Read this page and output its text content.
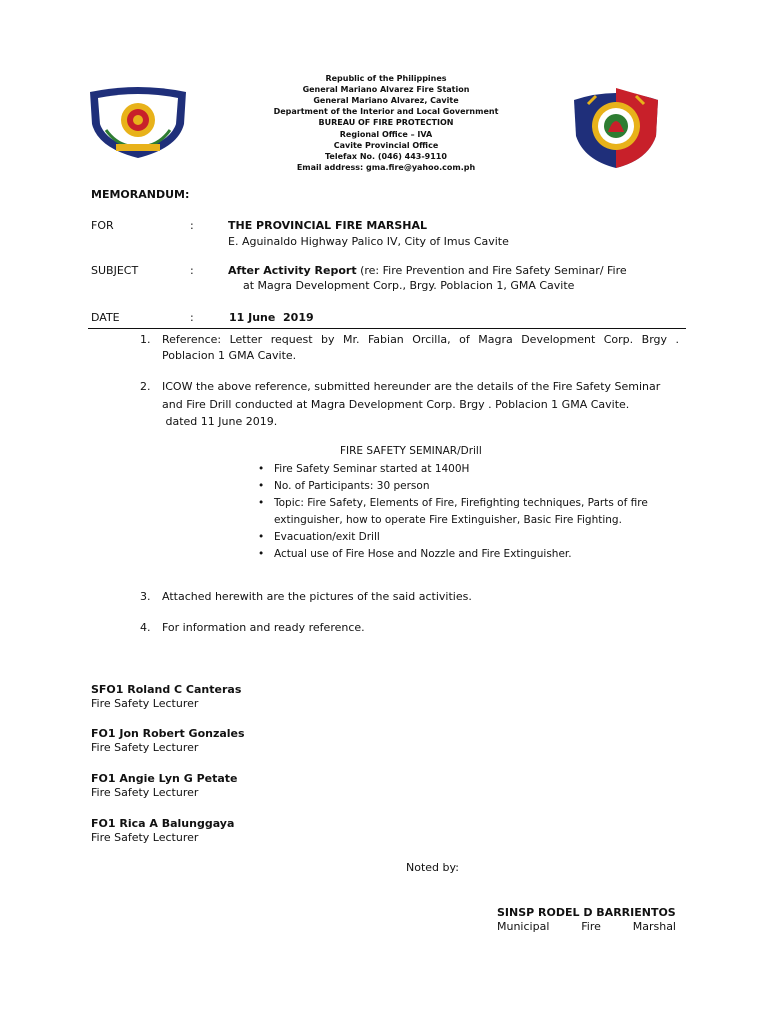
Republic of the Philippines
General Mariano Alvarez Fire Station
General Mariano Alvarez, Cavite
Department of the Interior and Local Government
BUREAU OF FIRE PROTECTION
Regional Office – IVA
Cavite Provincial Office
Telefax No. (046) 443-9110
Email address: gma.fire@yahoo.com.ph
MEMORANDUM:
FOR	:	THE PROVINCIAL FIRE MARSHAL
E. Aguinaldo Highway Palico IV, City of Imus Cavite
SUBJECT	:	After Activity Report (re: Fire Prevention and Fire Safety Seminar/ Fire
at Magra Development Corp., Brgy. Poblacion 1, GMA Cavite
DATE	:	11 June  2019
1. Reference: Letter request by Mr. Fabian Orcilla, of Magra Development Corp. Brgy .
Poblacion 1 GMA Cavite.
2. ICOW the above reference, submitted hereunder are the details of the Fire Safety Seminar
and Fire Drill conducted at Magra Development Corp. Brgy . Poblacion 1 GMA Cavite.
dated 11 June 2019.
FIRE SAFETY SEMINAR/Drill
• Fire Safety Seminar started at 1400H
• No. of Participants: 30 person
• Topic: Fire Safety, Elements of Fire, Firefighting techniques, Parts of fire
extinguisher, how to operate Fire Extinguisher, Basic Fire Fighting.
• Evacuation/exit Drill
• Actual use of Fire Hose and Nozzle and Fire Extinguisher.
3. Attached herewith are the pictures of the said activities.
4. For information and ready reference.
SFO1 Roland C Canteras
Fire Safety Lecturer
FO1 Jon Robert Gonzales
Fire Safety Lecturer
FO1 Angie Lyn G Petate
Fire Safety Lecturer
FO1 Rica A Balunggaya
Fire Safety Lecturer
Noted by:
SINSP RODEL D BARRIENTOS
Municipal	Fire	Marshal
